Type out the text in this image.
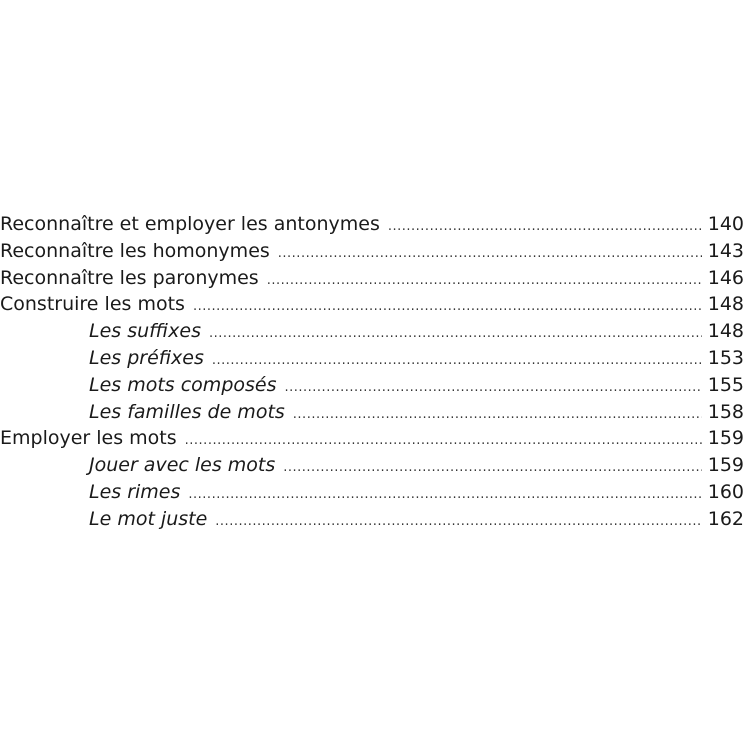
Reconnaître et employer les antonymes .....	140
Reconnaître les homonymes .....	143
Reconnaître les paronymes .....	146
Construire les mots .....	148
Les suffixes .....	148
Les préfixes .....	153
Les mots composés .....	155
Les familles de mots .....	158
Employer les mots .....	159
Jouer avec les mots .....	159
Les rimes .....	160
Le mot juste .....	162
